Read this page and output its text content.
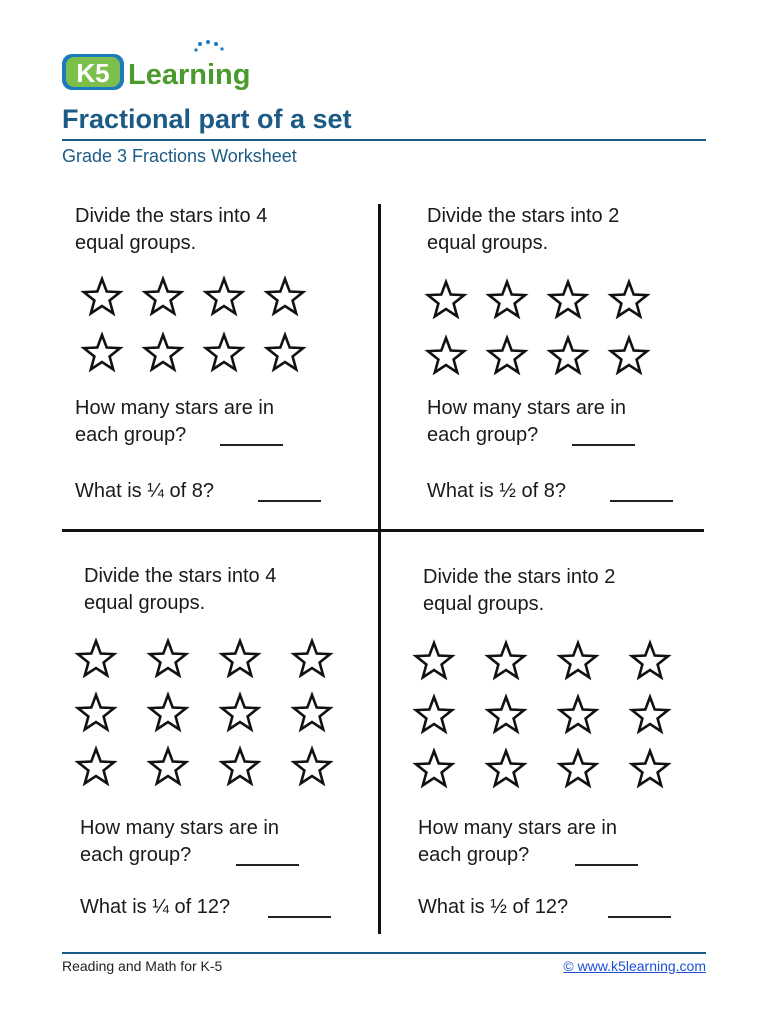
K5 Learning
Fractional part of a set
Grade 3 Fractions Worksheet
Divide the stars into 4
equal groups.
How many stars are in
each group?
What is ¼ of 8?
Divide the stars into 2
equal groups.
How many stars are in
each group?
What is ½ of 8?
Divide the stars into 4
equal groups.
How many stars are in
each group?
What is ¼ of 12?
Divide the stars into 2
equal groups.
How many stars are in
each group?
What is ½ of 12?
Reading and Math for K-5	© www.k5learning.com
